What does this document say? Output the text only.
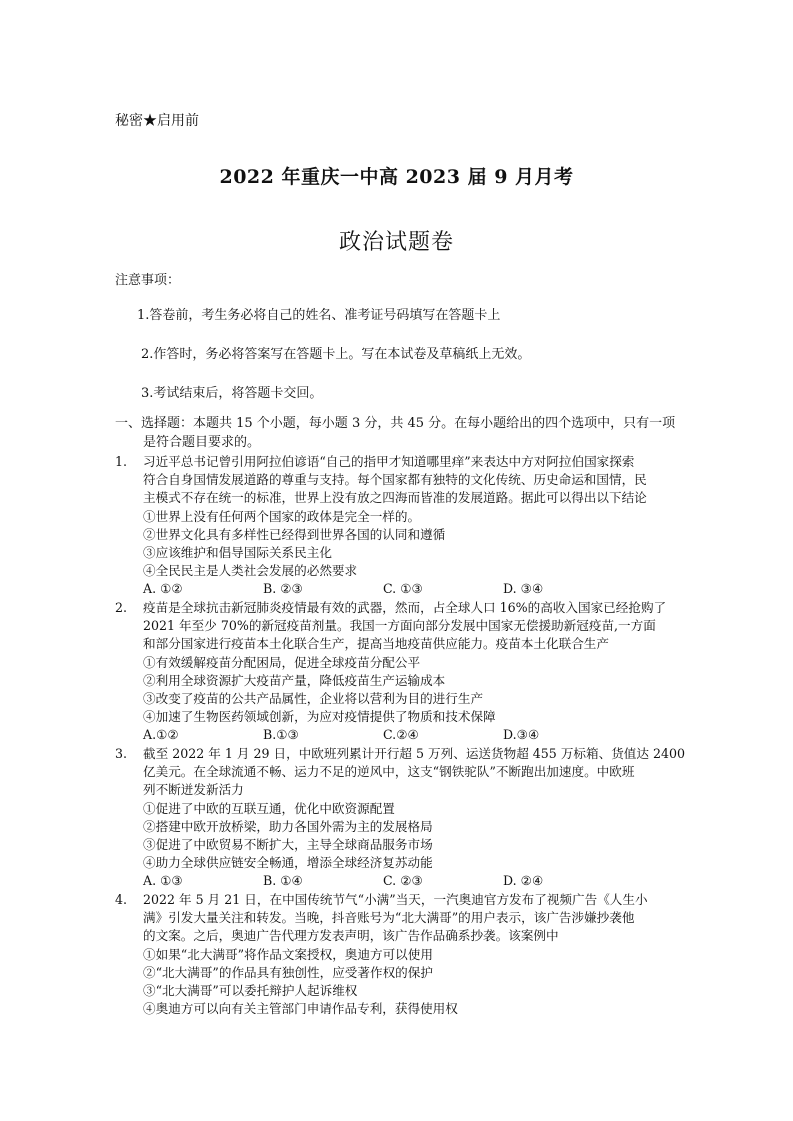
秘密★启用前
2022 年重庆一中高 2023 届 9 月月考
政治试题卷
注意事项：
1.答卷前，考生务必将自己的姓名、准考证号码填写在答题卡上
2.作答时，务必将答案写在答题卡上。写在本试卷及草稿纸上无效。
3.考试结束后，将答题卡交回。
一、选择题：本题共 15 个小题，每小题 3 分，共 45 分。在每小题给出的四个选项中，只有一项
是符合题目要求的。
1. 习近平总书记曾引用阿拉伯谚语“自己的指甲才知道哪里痒”来表达中方对阿拉伯国家探索
符合自身国情发展道路的尊重与支持。每个国家都有独特的文化传统、历史命运和国情，民
主模式不存在统一的标准，世界上没有放之四海而皆准的发展道路。据此可以得出以下结论
①世界上没有任何两个国家的政体是完全一样的。
②世界文化具有多样性已经得到世界各国的认同和遵循
③应该维护和倡导国际关系民主化
④全民民主是人类社会发展的必然要求
A. ①②	B. ②③	C. ①③	D. ③④
2. 疫苗是全球抗击新冠肺炎疫情最有效的武器，然而，占全球人口 16%的高收入国家已经抢购了
2021 年至少 70%的新冠疫苗剂量。我国一方面向部分发展中国家无偿援助新冠疫苗,一方面
和部分国家进行疫苗本土化联合生产，提高当地疫苗供应能力。疫苗本土化联合生产
①有效缓解疫苗分配困局，促进全球疫苗分配公平
②利用全球资源扩大疫苗产量，降低疫苗生产运输成本
③改变了疫苗的公共产品属性，企业将以营利为目的进行生产
④加速了生物医药领域创新，为应对疫情提供了物质和技术保障
A.①②	B.①③	C.②④	D.③④
3. 截至 2022 年 1 月 29 日，中欧班列累计开行超 5 万列、运送货物超 455 万标箱、货值达 2400
亿美元。在全球流通不畅、运力不足的逆风中，这支“钢铁驼队”不断跑出加速度。中欧班
列不断迸发新活力
①促进了中欧的互联互通，优化中欧资源配置
②搭建中欧开放桥梁，助力各国外需为主的发展格局
③促进了中欧贸易不断扩大，主导全球商品服务市场
④助力全球供应链安全畅通，增添全球经济复苏动能
A. ①③	B. ①④	C. ②③	D. ②④
4. 2022 年 5 月 21 日，在中国传统节气“小满”当天，一汽奥迪官方发布了视频广告《人生小
满》引发大量关注和转发。当晚，抖音账号为“北大满哥”的用户表示，该广告涉嫌抄袭他
的文案。之后，奥迪广告代理方发表声明，该广告作品确系抄袭。该案例中
①如果“北大满哥”将作品文案授权，奥迪方可以使用
②“北大满哥”的作品具有独创性，应受著作权的保护
③“北大满哥”可以委托辩护人起诉维权
④奥迪方可以向有关主管部门申请作品专利，获得使用权
